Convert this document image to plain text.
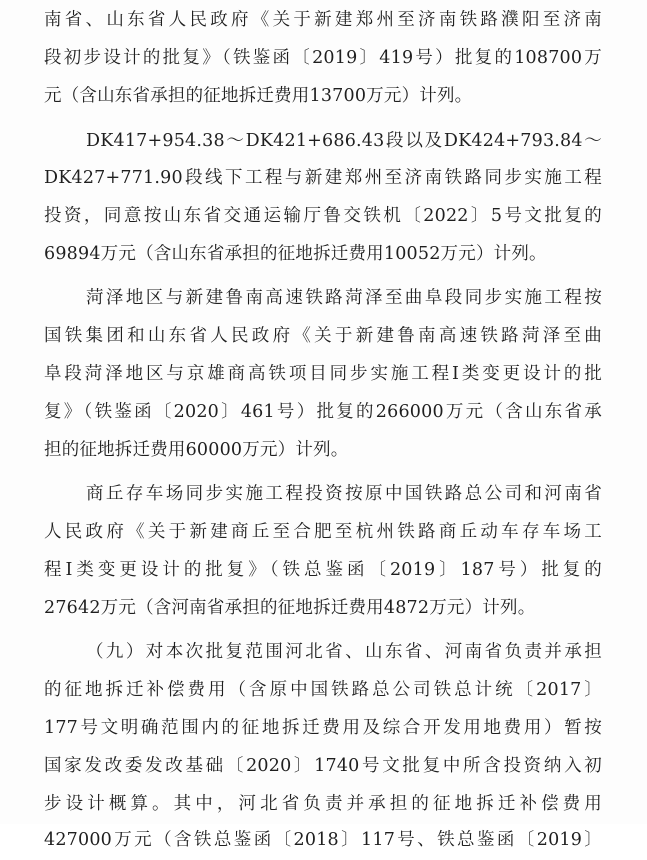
南省、山东省人民政府《关于新建郑州至济南铁路濮阳至济南
段初步设计的批复》（铁鉴函〔2019〕419号）批复的108700万
元（含山东省承担的征地拆迁费用13700万元）计列。
DK417+954.38～DK421+686.43段以及DK424+793.84～
DK427+771.90段线下工程与新建郑州至济南铁路同步实施工程
投资，同意按山东省交通运输厅鲁交铁机〔2022〕5号文批复的
69894万元（含山东省承担的征地拆迁费用10052万元）计列。
菏泽地区与新建鲁南高速铁路菏泽至曲阜段同步实施工程按
国铁集团和山东省人民政府《关于新建鲁南高速铁路菏泽至曲
阜段菏泽地区与京雄商高铁项目同步实施工程Ⅰ类变更设计的批
复》（铁鉴函〔2020〕461号）批复的266000万元（含山东省承
担的征地拆迁费用60000万元）计列。
商丘存车场同步实施工程投资按原中国铁路总公司和河南省
人民政府《关于新建商丘至合肥至杭州铁路商丘动车存车场工
程Ⅰ类变更设计的批复》（铁总鉴函〔2019〕187号）批复的
27642万元（含河南省承担的征地拆迁费用4872万元）计列。
（九）对本次批复范围河北省、山东省、河南省负责并承担
的征地拆迁补偿费用（含原中国铁路总公司铁总计统〔2017〕
177号文明确范围内的征地拆迁费用及综合开发用地费用）暂按
国家发改委发改基础〔2020〕1740号文批复中所含投资纳入初
步设计概算。其中，河北省负责并承担的征地拆迁补偿费用
427000万元（含铁总鉴函〔2018〕117号、铁总鉴函〔2019〕
